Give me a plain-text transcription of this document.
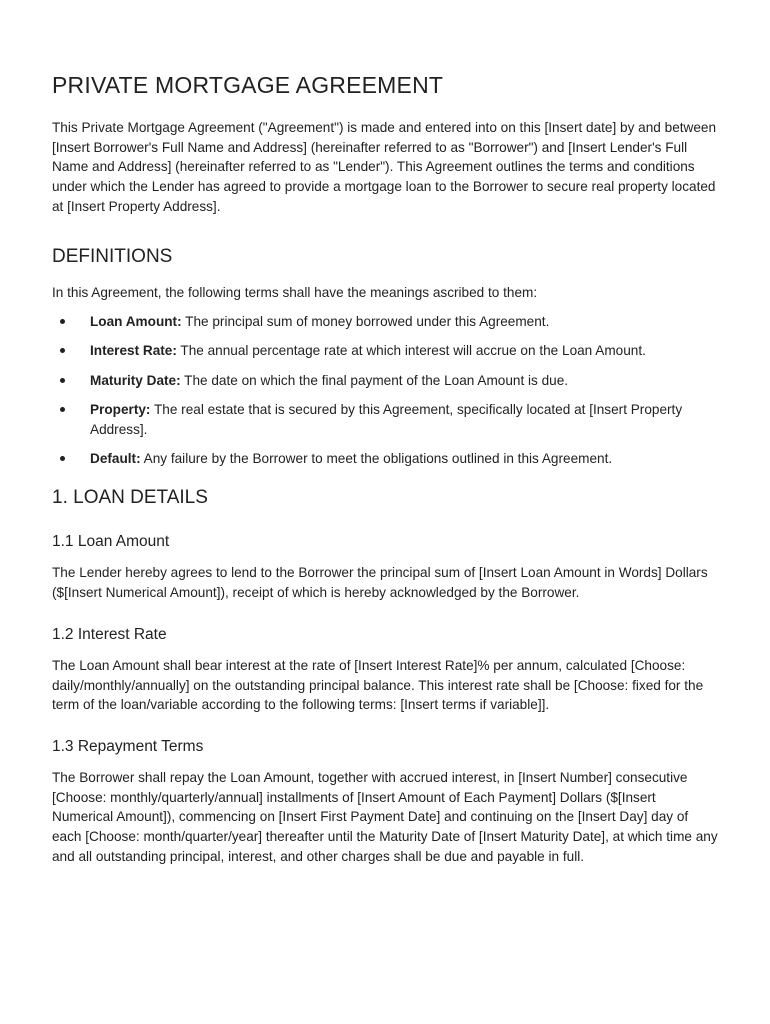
PRIVATE MORTGAGE AGREEMENT

This Private Mortgage Agreement ("Agreement") is made and entered into on this [Insert date] by and between [Insert Borrower's Full Name and Address] (hereinafter referred to as "Borrower") and [Insert Lender's Full Name and Address] (hereinafter referred to as "Lender"). This Agreement outlines the terms and conditions under which the Lender has agreed to provide a mortgage loan to the Borrower to secure real property located at [Insert Property Address].

DEFINITIONS

In this Agreement, the following terms shall have the meanings ascribed to them:

Loan Amount: The principal sum of money borrowed under this Agreement.
Interest Rate: The annual percentage rate at which interest will accrue on the Loan Amount.
Maturity Date: The date on which the final payment of the Loan Amount is due.
Property: The real estate that is secured by this Agreement, specifically located at [Insert Property Address].
Default: Any failure by the Borrower to meet the obligations outlined in this Agreement.
1. LOAN DETAILS
1.1 Loan Amount

The Lender hereby agrees to lend to the Borrower the principal sum of [Insert Loan Amount in Words] Dollars ($[Insert Numerical Amount]), receipt of which is hereby acknowledged by the Borrower.

1.2 Interest Rate

The Loan Amount shall bear interest at the rate of [Insert Interest Rate]% per annum, calculated [Choose: daily/monthly/annually] on the outstanding principal balance. This interest rate shall be [Choose: fixed for the term of the loan/variable according to the following terms: [Insert terms if variable]].

1.3 Repayment Terms

The Borrower shall repay the Loan Amount, together with accrued interest, in [Insert Number] consecutive [Choose: monthly/quarterly/annual] installments of [Insert Amount of Each Payment] Dollars ($[Insert Numerical Amount]), commencing on [Insert First Payment Date] and continuing on the [Insert Day] day of each [Choose: month/quarter/year] thereafter until the Maturity Date of [Insert Maturity Date], at which time any and all outstanding principal, interest, and other charges shall be due and payable in full.
